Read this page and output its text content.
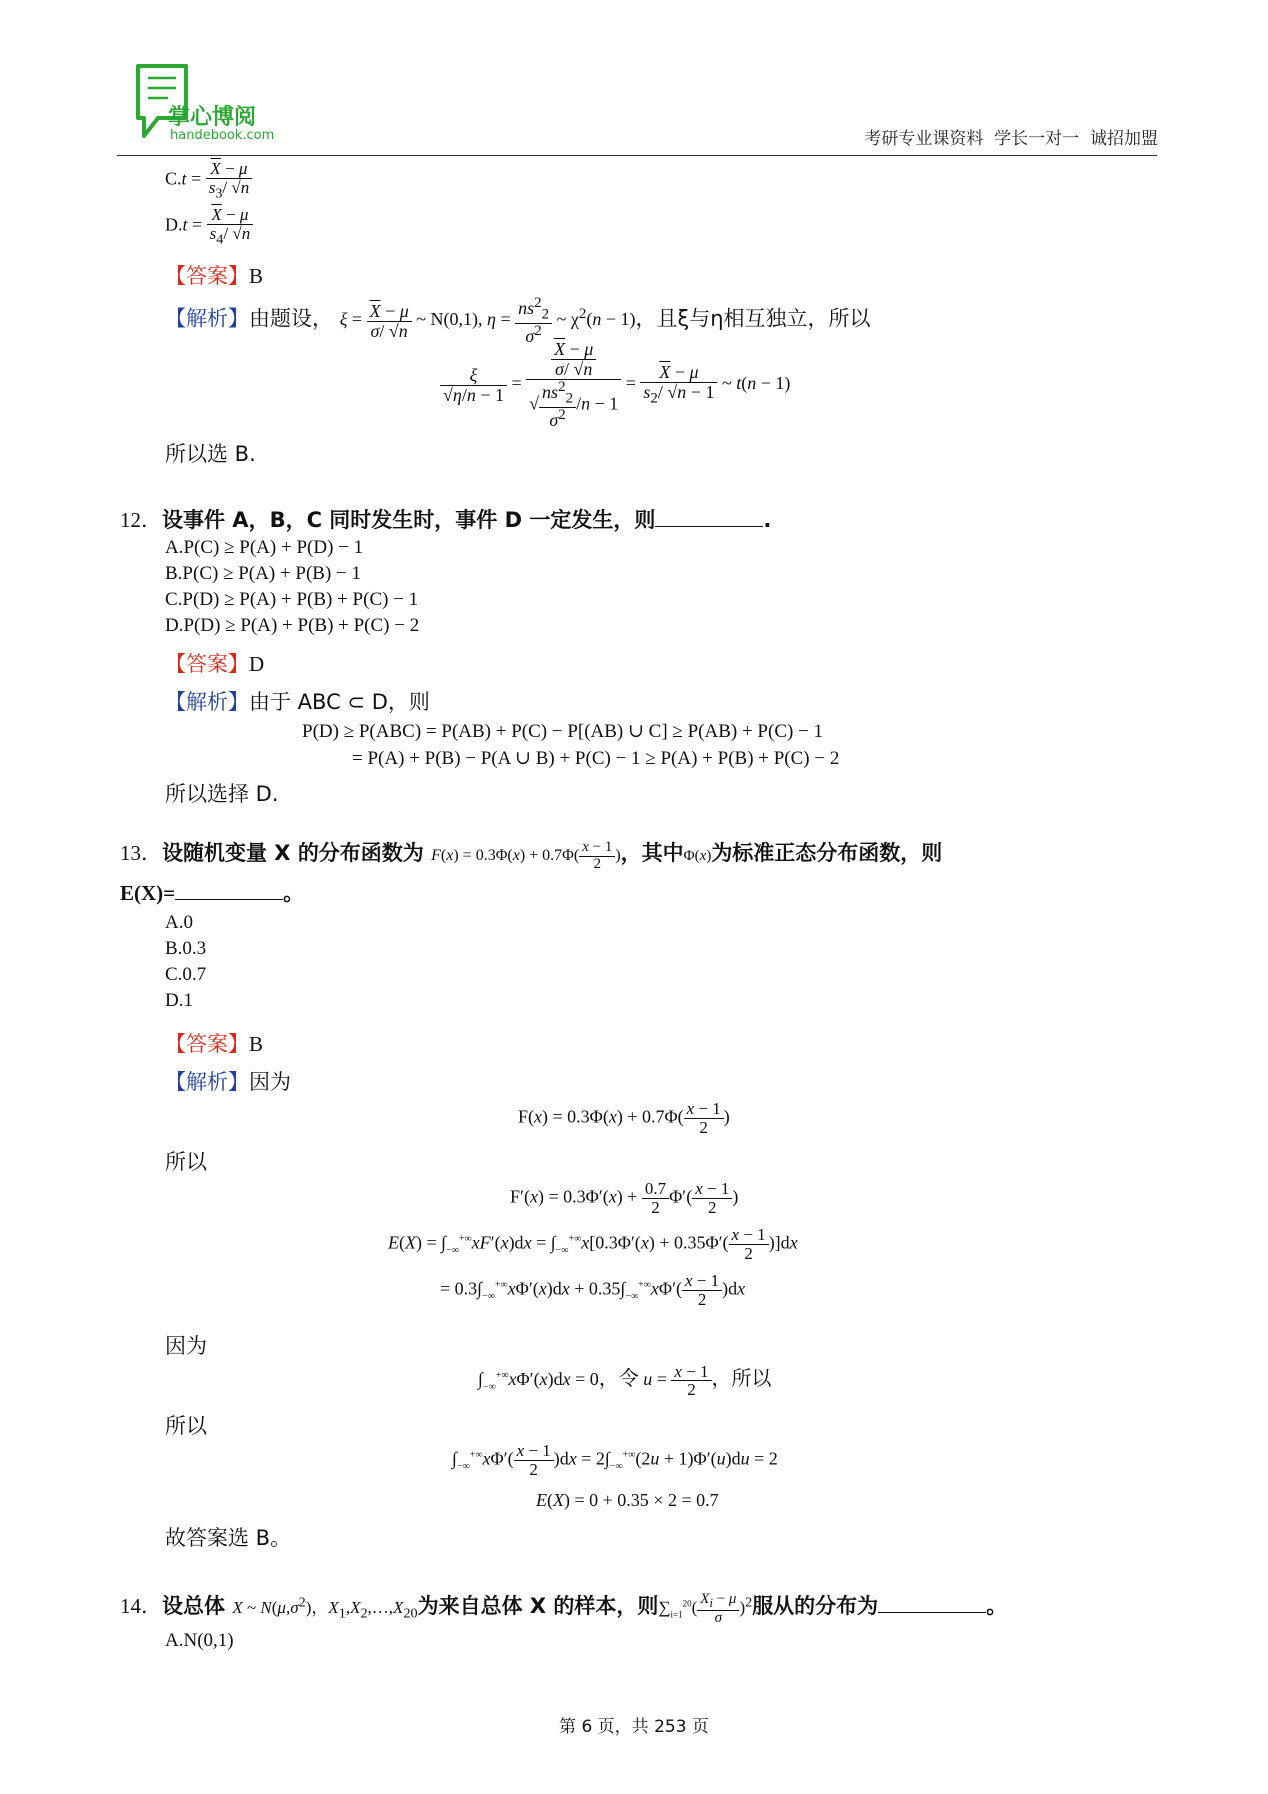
掌心博阅
handebook.com	考研专业课资料  学长一对一  诚招加盟
$C.t = \frac{\overline{X} - \mu}{s_3/ √n}$
$D.t = \frac{\overline{X} - \mu}{s_4/ √n}$
【答案】B
【解析】由题设， $\xi = \frac{\overline{X} - \mu}{\sigma/ √n}$ ~ N(0,1), $\eta = \frac{ns^2_2}{\sigma^2}$ ~ $\chi^2(n - 1)$，且ξ与η相互独立，所以
$\frac{\xi}{√\eta/n - 1} = \frac{\frac{\overline{X} - \mu}{\sigma/ √n}}{√ \frac{ns^2_2}{\sigma^2} /n - 1} = \frac{\overline{X} - \mu}{s_2/ √n - 1}$ ~ t(n − 1)
所以选 B.
12．设事件 A，B，C 同时发生时，事件 D 一定发生，则	.
A.P(C) ≥ P(A) + P(D) − 1
B.P(C) ≥ P(A) + P(B) − 1
C.P(D) ≥ P(A) + P(B) + P(C) − 1
D.P(D) ≥ P(A) + P(B) + P(C) − 2
【答案】D
【解析】由于 ABC ⊂ D，则
P(D) ≥ P(ABC) = P(AB) + P(C) − P[(AB) ∪ C] ≥ P(AB) + P(C) − 1
= P(A) + P(B) − P(A ∪ B) + P(C) − 1 ≥ P(A) + P(B) + P(C) − 2
所以选择 D.
13．设随机变量 X 的分布函数为 $F(x) = 0.3\Phi(x) + 0.7\Phi( \frac{x - 1}{2}$ )，其中Φ(x)为标准正态分布函数，则
E(X)=	。
A.0
B.0.3
C.0.7
D.1
【答案】B
【解析】因为
$F(x) = 0.3\Phi(x) + 0.7\Phi( \frac{x - 1}{2}$ )
所以
$F'(x) = 0.3\Phi'(x) + \frac{0.7}{2} \Phi'( \frac{x - 1}{2}$ )
$E(X) = \int_{-\infty}^{+\infty}xF'(x)dx = \int_{-\infty}^{+\infty}x[0.3\Phi'(x) + 0.35\Phi'( \frac{x - 1}{2} )]dx$
= $0.3\int_{-\infty}^{+\infty}x\Phi'(x)dx + 0.35\int_{-\infty}^{+\infty}x\Phi'( \frac{x - 1}{2} )dx$
因为
$\int_{-\infty}^{+\infty}x\Phi'(x)dx = 0$，令 $u = \frac{x - 1}{2}$ ，所以
所以
$\int_{-\infty}^{+\infty}x\Phi'( \frac{x - 1}{2} )dx = 2\int_{-\infty}^{+\infty}(2u + 1)\Phi'(u)du = 2$
E(X) = 0 + 0.35 × 2 = 0.7
故答案选 B。
14．设总体 X ~ $N(\mu,\sigma^2)$，$X_1,X_2,\dots,X_{20}$为来自总体 X 的样本，则$\sum_{i=1}^{20}( \frac{X_i - \mu}{\sigma} )^2$服从的分布为	。
A.N(0,1)
第 6 页，共 253 页
